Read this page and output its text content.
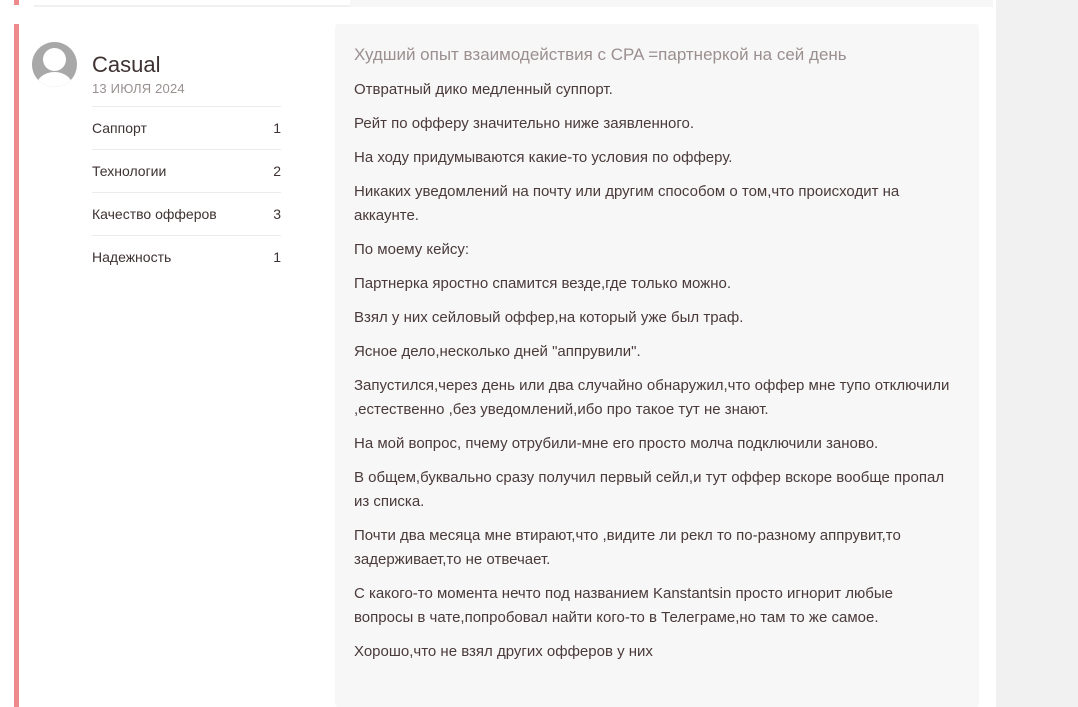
Casual
13 ИЮЛЯ 2024
Саппорт	1
Технологии	2
Качество офферов	3
Надежность	1
Худший опыт взаимодействия с CPA =партнеркой на сей день

Отвратный дико медленный суппорт.

Рейт по офферу значительно ниже заявленного.

На ходу придумываются какие-то условия по офферу.

Никаких уведомлений на почту или другим способом о том,что происходит на аккаунте.

По моему кейсу:

Партнерка яростно спамится везде,где только можно.

Взял у них сейловый оффер,на который уже был траф.

Ясное дело,несколько дней "аппрувили".

Запустился,через день или два случайно обнаружил,что оффер мне тупо отключили ,естественно ,без уведомлений,ибо про такое тут не знают.

На мой вопрос, пчему отрубили-мне его просто молча подключили заново.

В общем,буквально сразу получил первый сейл,и тут оффер вскоре вообще пропал из списка.

Почти два месяца мне втирают,что ,видите ли рекл то по-разному аппрувит,то задерживает,то не отвечает.

С какого-то момента нечто под названием Kanstantsin просто игнорит любые вопросы в чате,попробовал найти кого-то в Телеграме,но там то же самое.

Хорошо,что не взял других офферов у них
